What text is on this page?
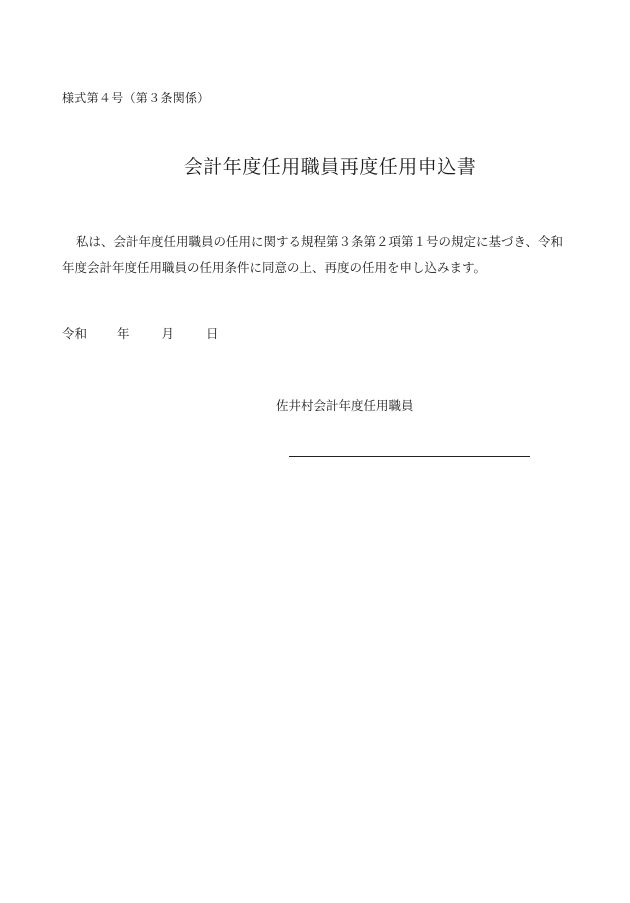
様式第４号（第３条関係）
会計年度任用職員再度任用申込書
私は、会計年度任用職員の任用に関する規程第３条第２項第１号の規定に基づき、令和
年度会計年度任用職員の任用条件に同意の上、再度の任用を申し込みます。
令和 年	月	日
佐井村会計年度任用職員
